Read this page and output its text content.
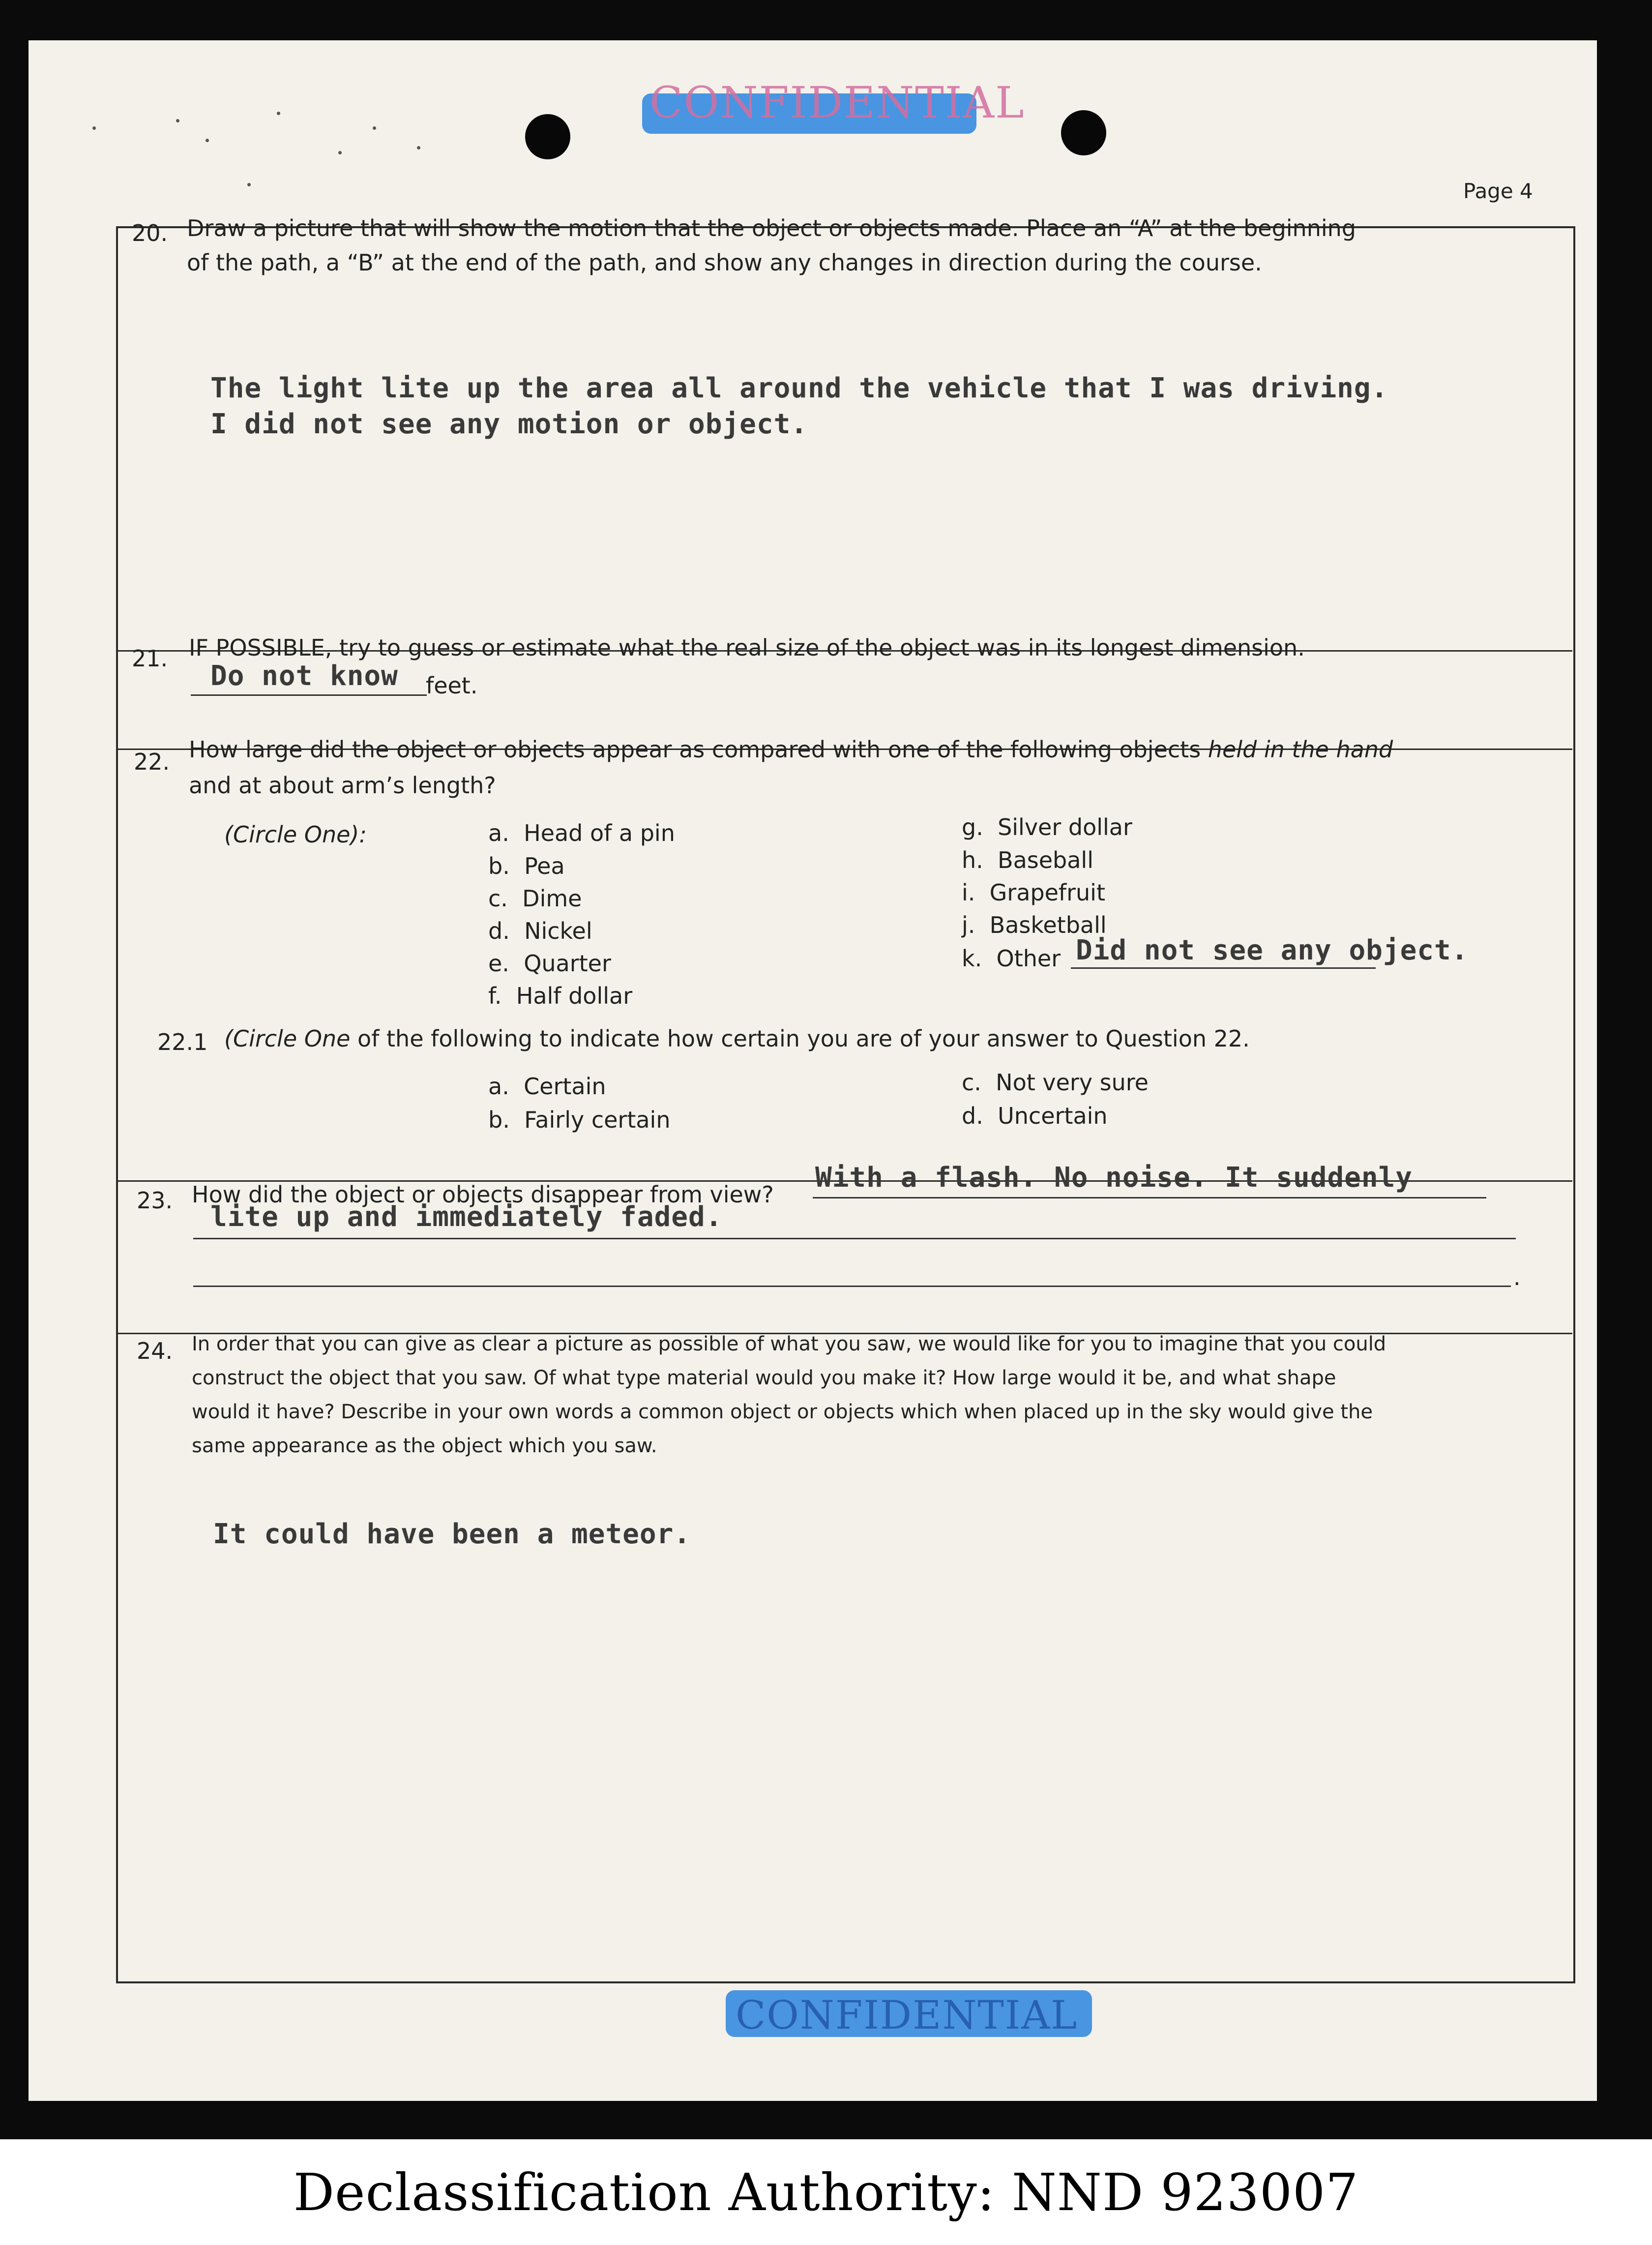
CONFIDENTIAL
Page 4
20. Draw a picture that will show the motion that the object or objects made. Place an “A” at the beginning
of the path, a “B” at the end of the path, and show any changes in direction during the course.
The light lite up the area all around the vehicle that I was driving.
I did not see any motion or object.
21. IF POSSIBLE, try to guess or estimate what the real size of the object was in its longest dimension.
Do not know feet.
22. How large did the object or objects appear as compared with one of the following objects held in the hand
and at about arm’s length?
(Circle One):	a. Head of a pin
b. Pea
c. Dime
d. Nickel
e. Quarter
f. Half dollar
g. Silver dollar
h. Baseball
i. Grapefruit
j. Basketball
k. Other Did not see any object.
22.1 (Circle One of the following to indicate how certain you are of your answer to Question 22.
a. Certain
b. Fairly certain
c. Not very sure
d. Uncertain
23. How did the object or objects disappear from view?
With a flash. No noise. It suddenly
lite up and immediately faded.
.
24. In order that you can give as clear a picture as possible of what you saw, we would like for you to imagine that you could
construct the object that you saw. Of what type material would you make it? How large would it be, and what shape
would it have? Describe in your own words a common object or objects which when placed up in the sky would give the
same appearance as the object which you saw.
It could have been a meteor.
CONFIDENTIAL
Declassification Authority: NND 923007
